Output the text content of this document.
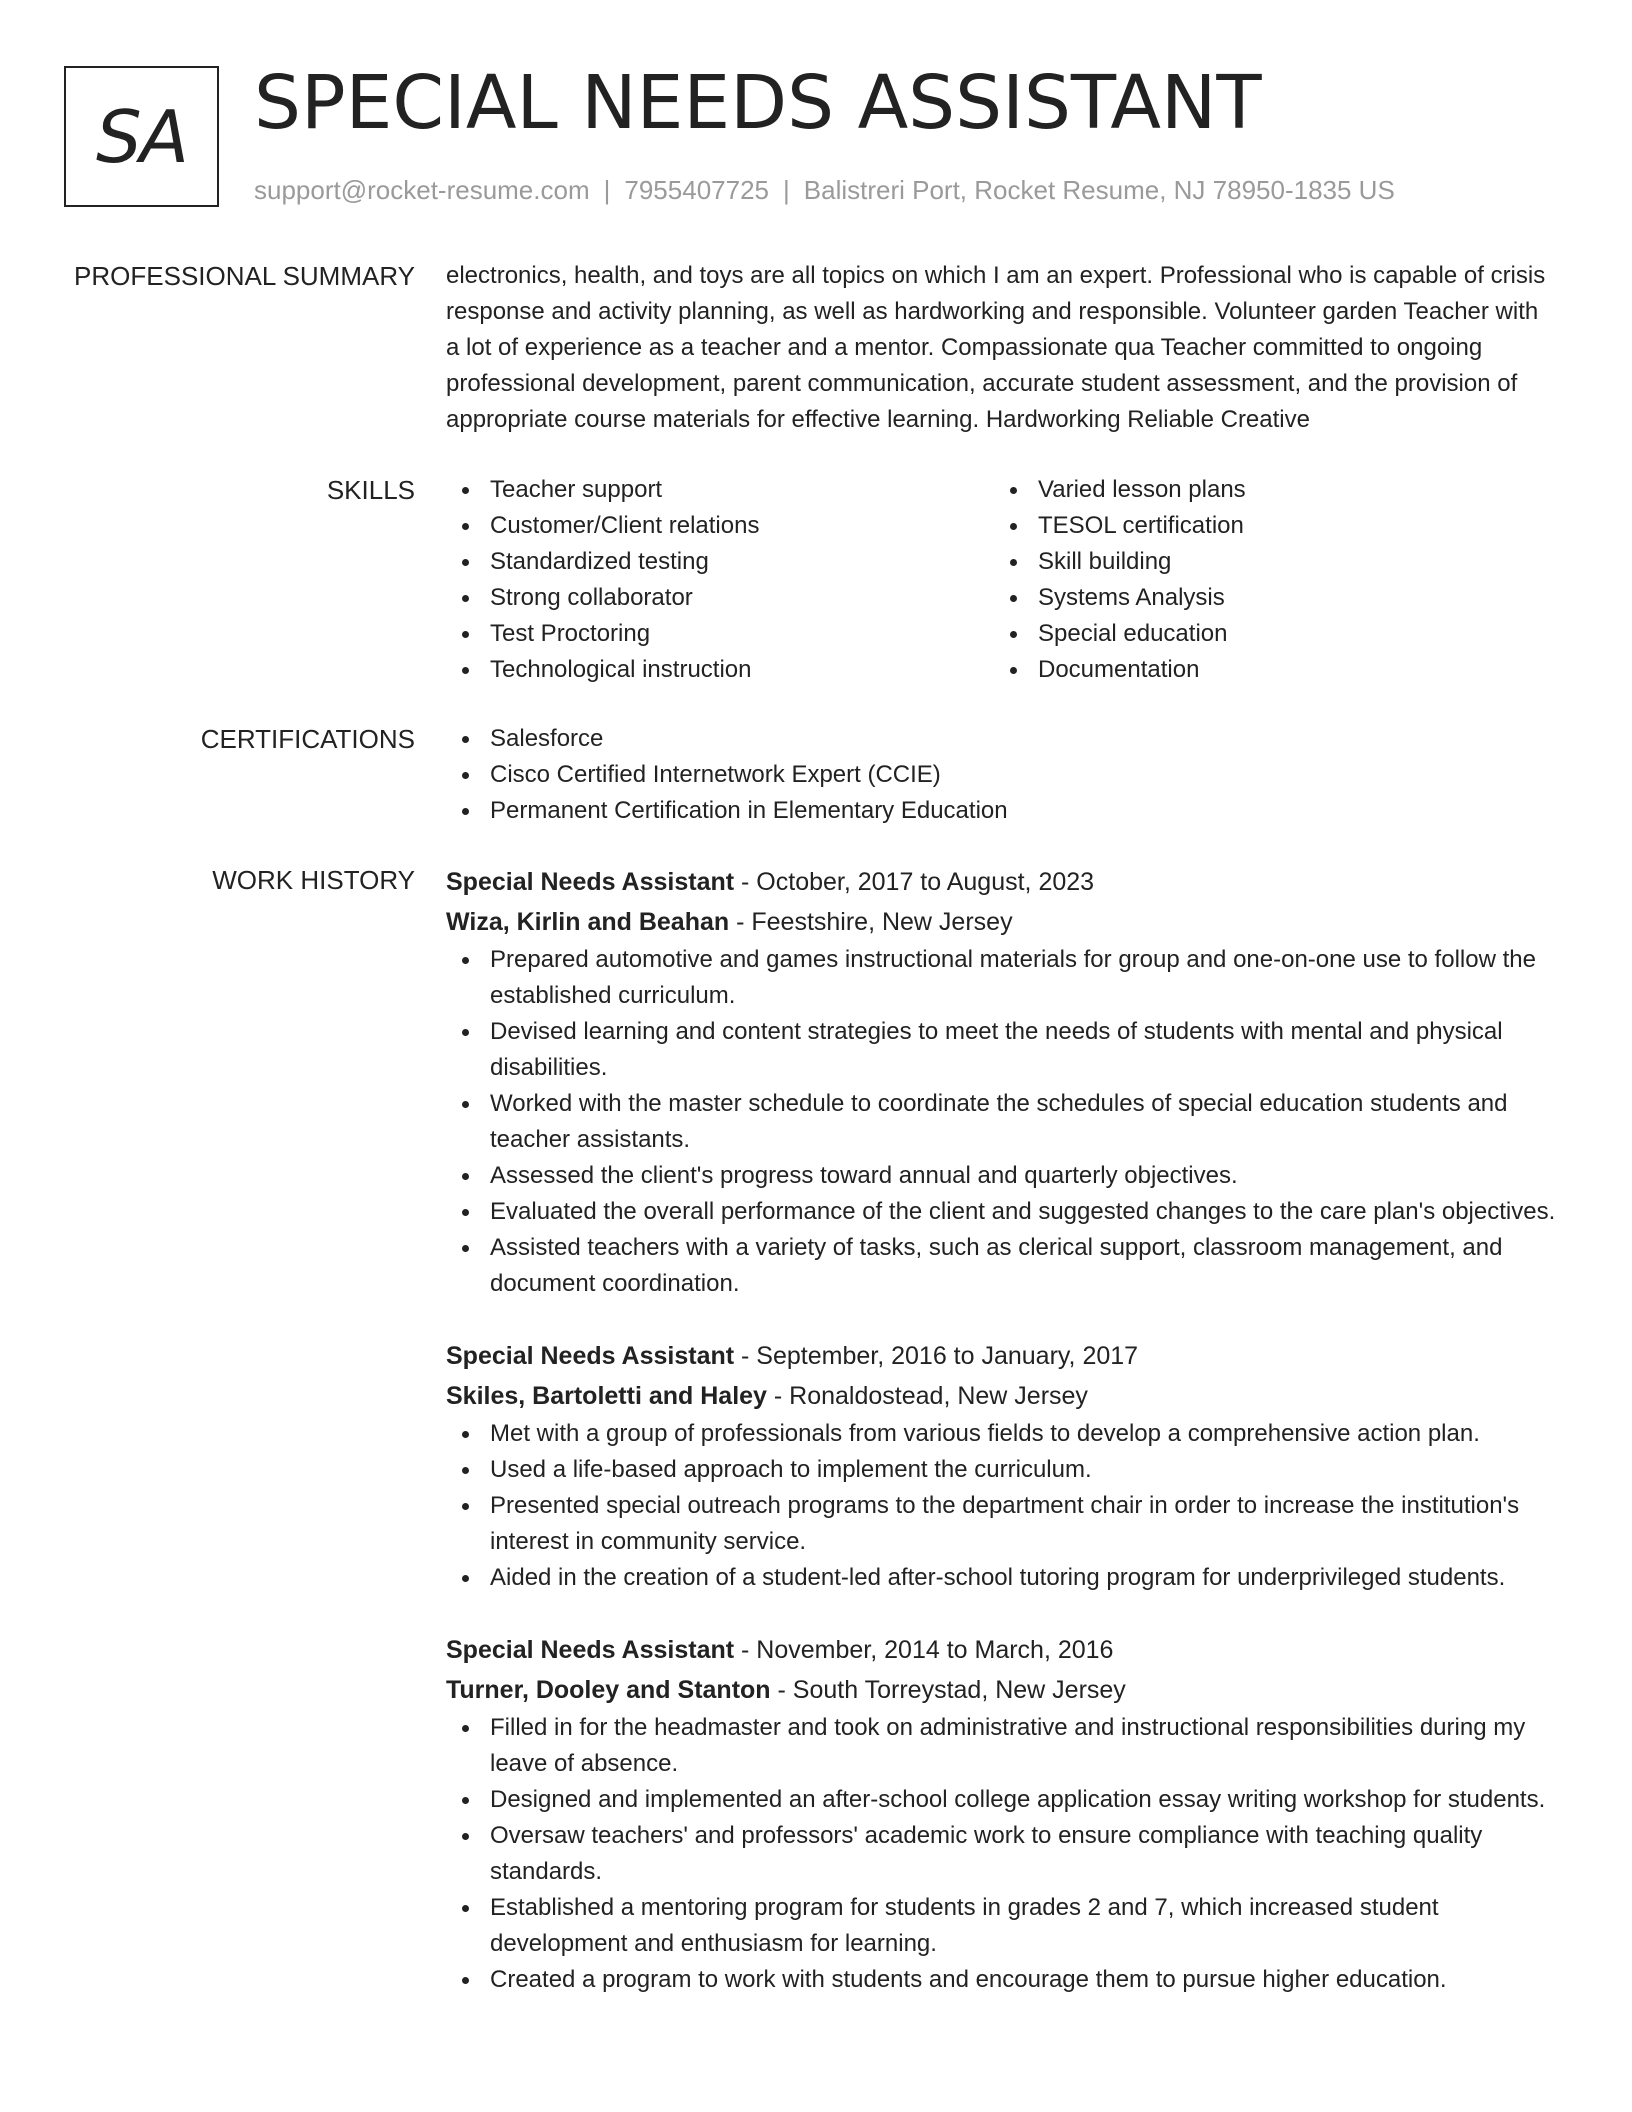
SA SPECIAL NEEDS ASSISTANT
support@rocket-resume.com | 7955407725 | Balistreri Port, Rocket Resume, NJ 78950-1835 US
PROFESSIONAL SUMMARY electronics, health, and toys are all topics on which I am an expert. Professional who is capable of crisis response and activity planning, as well as hardworking and responsible. Volunteer garden Teacher with a lot of experience as a teacher and a mentor. Compassionate qua Teacher committed to ongoing professional development, parent communication, accurate student assessment, and the provision of appropriate course materials for effective learning. Hardworking Reliable Creative

SKILLS	Teacher support
Customer/Client relations
Standardized testing
Strong collaborator
Test Proctoring
Technological instruction
Varied lesson plans
TESOL certification
Skill building
Systems Analysis
Special education
Documentation
CERTIFICATIONS	Salesforce
Cisco Certified Internetwork Expert (CCIE)
Permanent Certification in Elementary Education
WORK HISTORY Special Needs Assistant - October, 2017 to August, 2023
Wiza, Kirlin and Beahan - Feestshire, New Jersey
Prepared automotive and games instructional materials for group and one-on-one use to follow the established curriculum.
Devised learning and content strategies to meet the needs of students with mental and physical disabilities.
Worked with the master schedule to coordinate the schedules of special education students and teacher assistants.
Assessed the client's progress toward annual and quarterly objectives.
Evaluated the overall performance of the client and suggested changes to the care plan's objectives.
Assisted teachers with a variety of tasks, such as clerical support, classroom management, and document coordination.
Special Needs Assistant - September, 2016 to January, 2017
Skiles, Bartoletti and Haley - Ronaldostead, New Jersey
Met with a group of professionals from various fields to develop a comprehensive action plan.
Used a life-based approach to implement the curriculum.
Presented special outreach programs to the department chair in order to increase the institution's interest in community service.
Aided in the creation of a student-led after-school tutoring program for underprivileged students.
Special Needs Assistant - November, 2014 to March, 2016
Turner, Dooley and Stanton - South Torreystad, New Jersey
Filled in for the headmaster and took on administrative and instructional responsibilities during my leave of absence.
Designed and implemented an after-school college application essay writing workshop for students.
Oversaw teachers' and professors' academic work to ensure compliance with teaching quality standards.
Established a mentoring program for students in grades 2 and 7, which increased student development and enthusiasm for learning.
Created a program to work with students and encourage them to pursue higher education.
